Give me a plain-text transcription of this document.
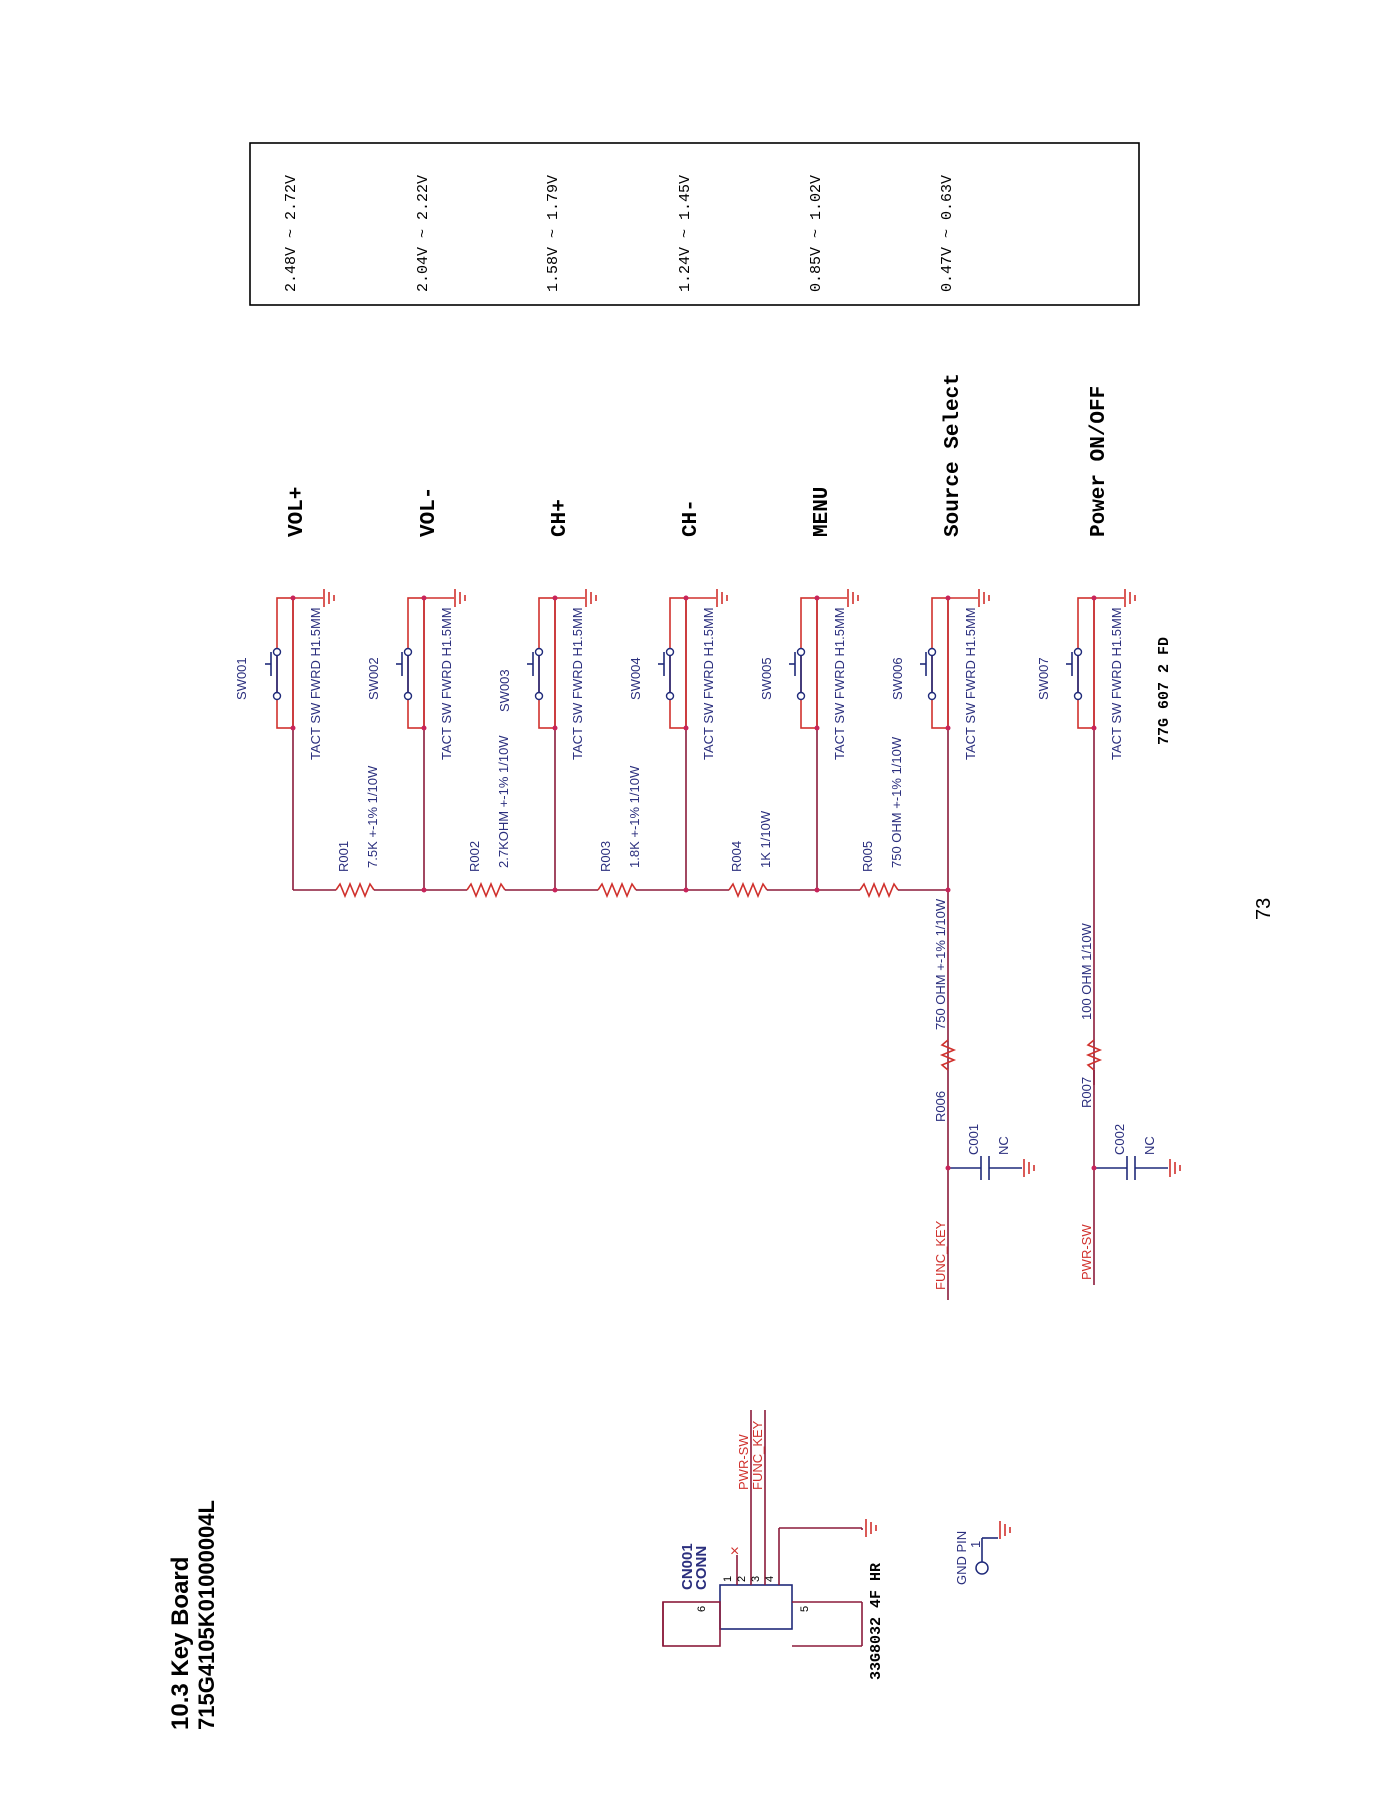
2.48V ~ 2.72V	2.04V ~ 2.22V	1.58V ~ 1.79V	1.24V ~ 1.45V	0.85V ~ 1.02V	0.47V ~ 0.63V
VOL+	VOL-	CH+	CH-	MENU	Source Select	Power ON/OFF
SW001	TACT SW FWRD H1.5MM	SW002	TACT SW FWRD H1.5MM	SW003	TACT SW FWRD H1.5MM	SW004	TACT SW FWRD H1.5MM	SW005	TACT SW FWRD H1.5MM	SW006	TACT SW FWRD H1.5MM	SW007	TACT SW FWRD H1.5MM
R001 7.5K +-1% 1/10W	R002 2.7KOHM +-1% 1/10W	R003 1.8K +-1% 1/10W	R004 1K 1/10W	R005 750 OHM +-1% 1/10W
R006
750 OHM +-1% 1/10W
R007
100 OHM 1/10W
C001 NC	C002 NC
FUNC_KEY	PWR-SW
77G 607 2 FD
73
10.3 Key Board 715G4105K01000004L	×
CN001
CONN 1 2 3 4
5
6
PWR-SW FUNC_KEY
33G8032 4F HR
GND PIN 1
